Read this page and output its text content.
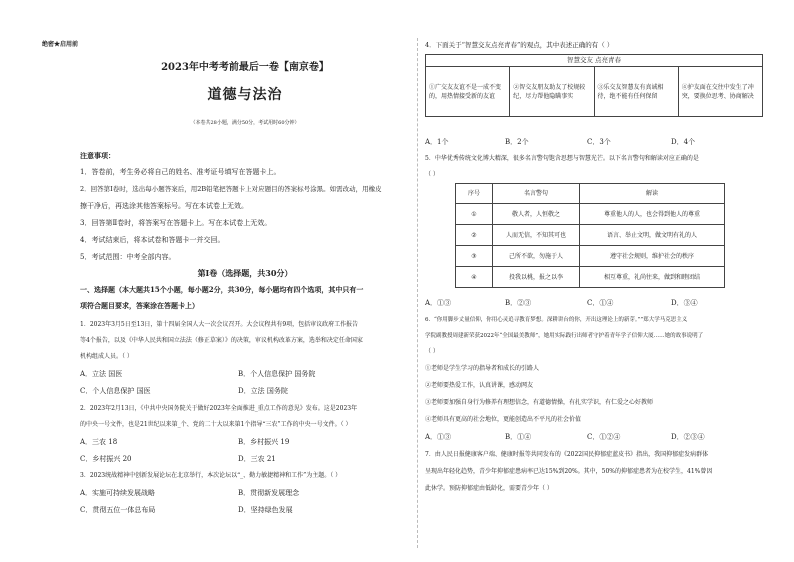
绝密★启用前
2023年中考考前最后一卷【南京卷】
道德与法治
（本卷共28小题，满分50分，考试用时60分钟）
注意事项：
1．答卷前，考生务必将自己的姓名、准考证号填写在答题卡上。
2．回答第Ⅰ卷时，选出每小题答案后，用2B铅笔把答题卡上对应题目的答案标号涂黑。如需改动，用橡皮
擦干净后，再选涂其他答案标号。写在本试卷上无效。
3．回答第Ⅱ卷时，将答案写在答题卡上。写在本试卷上无效。
4．考试结束后，将本试卷和答题卡一并交回。
5．考试范围：中考全部内容。
第Ⅰ卷（选择题，共30分）
一、选择题（本大题共15个小题，每小题2分，共30分，每小题均有四个选项，其中只有一
项符合题目要求，答案涂在答题卡上）
1．2023年3月5日至13日，第十四届全国人大一次会议召开。大会议程共有9项，包括审议政府工作报告
等4个报告，以及《中华人民共和国立法法（修正草案）》的决策，审议机构改革方案，选举和决定任命国家
机构组成人员。（ ）
A．立法 国医	B．个人信息保护 国务院
C．个人信息保护 国医	D．立法 国务院
2．2023年2月13日，《中共中央国务院关于做好2023年全面推进_重点工作的意见》发布。这是2023年
的中央一号文件，也是21世纪以来第_个、党的二十大以来第1个指导“三农”工作的中央一号文件。（ ）
A．三农 18	B．乡村振兴 19
C．乡村振兴 20	D．三农 21
3．2023统战精神中创新发展论坛在北京举行，本次论坛以“_、勤力敏捷精神和工作”为主题。（ ）
A．实施可持续发展战略	B．贯彻新发展理念
C．贯彻五位一体总布局	D．坚持绿色发展
4．下面关于“智慧交友点亮青春”的观点，其中表述正确的有（ ）
智慧交友 点亮青春
①广交友友谊不是一成不变的，用热情接受新的友谊	②智交友朋友助友了校规较纪，尽力帮他隐瞒事实	③乐交友智慧友有真诚相待，绝不能有任何保留	④护友面在交往中发生了冲突，要换位思考、协商解决
A．1个	B．2个	C．3个	D．4个
5．中华优秀传统文化博大精深，很多名言警句饱含思想与智慧光芒。以下名言警句和解读对应正确的是
（ ）
序号	名言警句	解读
①	敬人者，人恒敬之	尊重他人的人，也会得到他人的尊重
②	人而无信，不知其可也	语言、举止文明，做文明有礼的人
③	己所不欲，勿施于人	遵守社会规则，维护社会的秩序
④	投我以桃，报之以李	相互尊重，礼尚往来，做到和睦团结
A．①③	B．②③	C．①④	D．③④
6．“你用脚步丈量信仰，你用心灵追寻教育梦想。深耕讲台的你，开出这理论上的新芽。””郑大学马克思主义
学院副教授周建新荣获2022年“全国最美教师”，她用实际践行出师者守护着青年学子信仰大厦……她的故事说明了
（ ）
①老师是学生学习的指导者和成长的引路人
②老师要热爱工作，认真讲课，感动网友
③老师要加强自身行为修养有理想信念，有道德情操，有扎实学识，有仁爱之心好教师
④老师具有更高的社会地位，更能创造出不平凡的社会价值
A．①③	B．①④	C．①②④	D．②③④
7．由人民日报健康客户端、健康时报等共同发布的《2022国民抑郁症蓝皮书》指出，我国抑郁症发病群体
呈现出年轻化趋势，青少年抑郁症患病率已达15%到20%。其中，50%的抑郁症患者为在校学生，41%曾因
此休学。预防抑郁症由低龄化，需要青少年（ ）
